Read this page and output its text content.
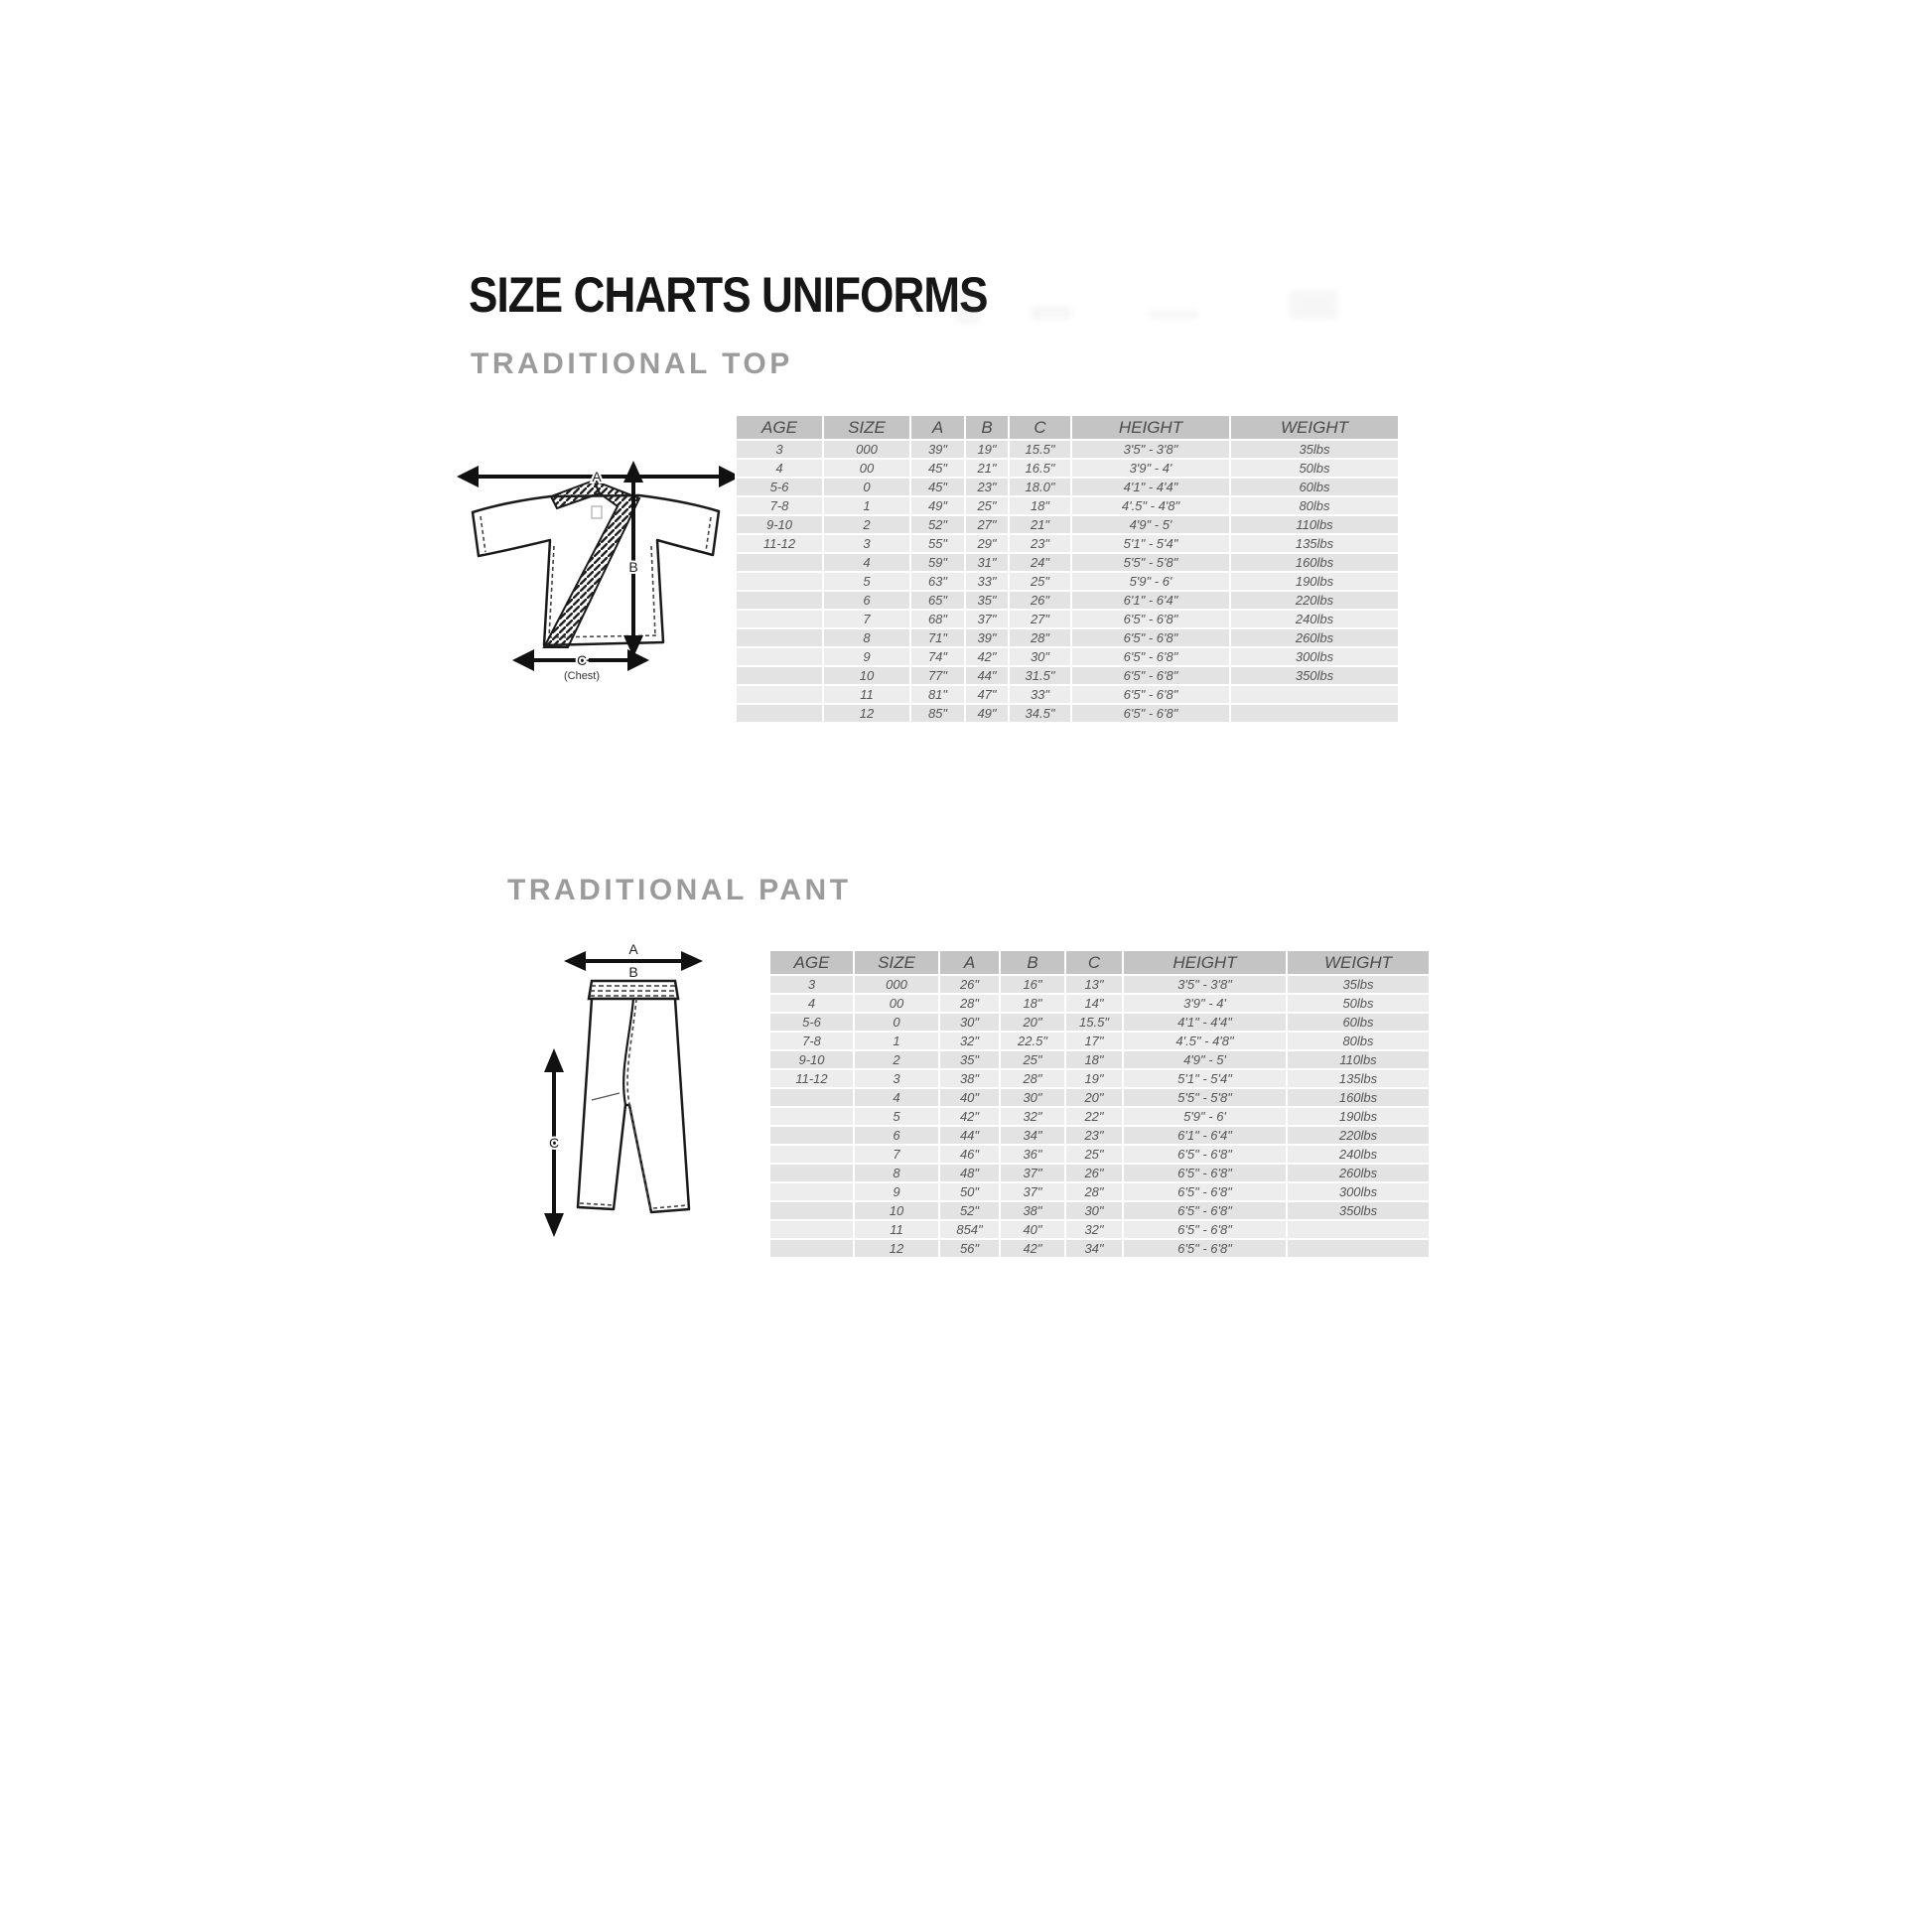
SIZE CHARTS UNIFORMS
TRADITIONAL TOP
A
B
C
(Chest)
AGE	SIZE	A	B	C	HEIGHT	WEIGHT
3	000	39"	19"	15.5"	3'5" - 3'8"	35lbs
4	00	45"	21"	16.5"	3'9" - 4'	50lbs
5-6	0	45"	23"	18.0"	4'1" - 4'4"	60lbs
7-8	1	49"	25"	18"	4'.5" - 4'8"	80lbs
9-10	2	52"	27"	21"	4'9" - 5'	110lbs
11-12	3	55"	29"	23"	5'1" - 5'4"	135lbs
	4	59"	31"	24"	5'5" - 5'8"	160lbs
	5	63"	33"	25"	5'9" - 6'	190lbs
	6	65"	35"	26"	6'1" - 6'4"	220lbs
	7	68"	37"	27"	6'5" - 6'8"	240lbs
	8	71"	39"	28"	6'5" - 6'8"	260lbs
	9	74"	42"	30"	6'5" - 6'8"	300lbs
	10	77"	44"	31.5"	6'5" - 6'8"	350lbs
	11	81"	47"	33"	6'5" - 6'8"	
	12	85"	49"	34.5"	6'5" - 6'8"	
TRADITIONAL PANT
A
B
C
AGE	SIZE	A	B	C	HEIGHT	WEIGHT
3	000	26"	16"	13"	3'5" - 3'8"	35lbs
4	00	28"	18"	14"	3'9" - 4'	50lbs
5-6	0	30"	20"	15.5"	4'1" - 4'4"	60lbs
7-8	1	32"	22.5"	17"	4'.5" - 4'8"	80lbs
9-10	2	35"	25"	18"	4'9" - 5'	110lbs
11-12	3	38"	28"	19"	5'1" - 5'4"	135lbs
	4	40"	30"	20"	5'5" - 5'8"	160lbs
	5	42"	32"	22"	5'9" - 6'	190lbs
	6	44"	34"	23"	6'1" - 6'4"	220lbs
	7	46"	36"	25"	6'5" - 6'8"	240lbs
	8	48"	37"	26"	6'5" - 6'8"	260lbs
	9	50"	37"	28"	6'5" - 6'8"	300lbs
	10	52"	38"	30"	6'5" - 6'8"	350lbs
	11	854"	40"	32"	6'5" - 6'8"	
	12	56"	42"	34"	6'5" - 6'8"	
